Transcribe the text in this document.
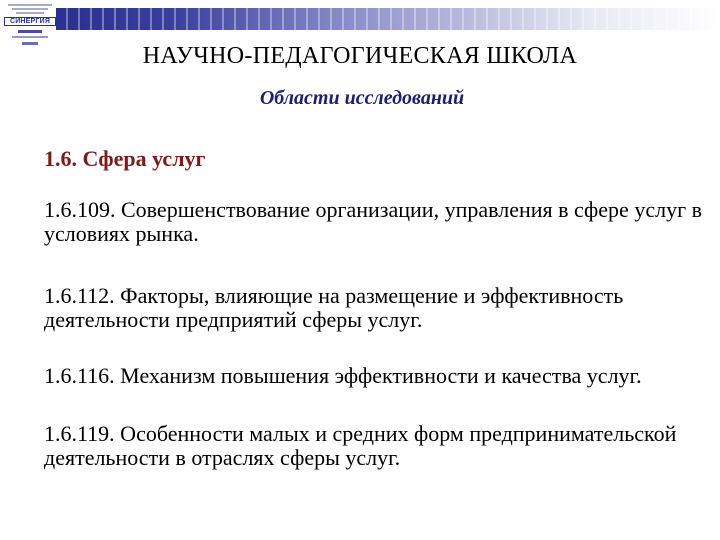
СИНЕРГИЯ
НАУЧНО-ПЕДАГОГИЧЕСКАЯ ШКОЛА
Области исследований
1.6. Сфера услуг
1.6.109. Совершенствование организации, управления в сфере услуг в условиях рынка.
1.6.112. Факторы, влияющие на размещение и эффективность деятельности предприятий сферы услуг.
1.6.116. Механизм повышения эффективности и качества услуг.
1.6.119. Особенности малых и средних форм предпринимательской деятельности в отраслях сферы услуг.
